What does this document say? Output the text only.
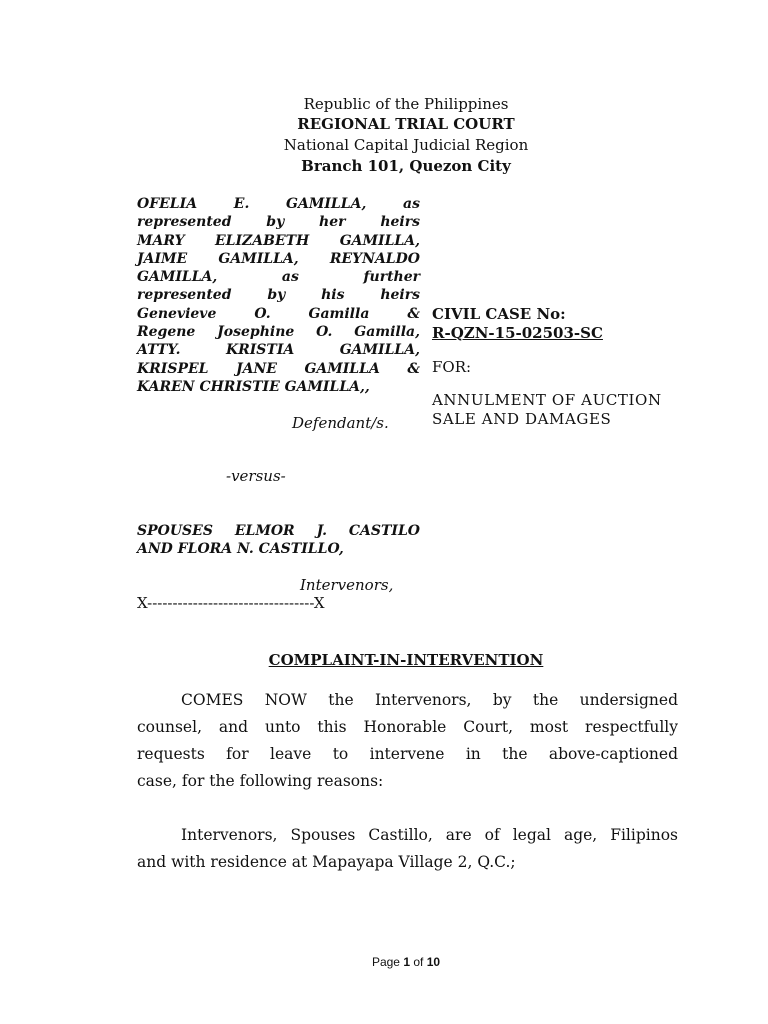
Republic of the Philippines
REGIONAL TRIAL COURT
National Capital Judicial Region
Branch 101, Quezon City
OFELIA E. GAMILLA, as
represented by her heirs
MARY ELIZABETH GAMILLA,
JAIME GAMILLA, REYNALDO
GAMILLA, as further
represented by his heirs
Genevieve O. Gamilla &
Regene Josephine O. Gamilla,
ATTY. KRISTIA GAMILLA,
KRISPEL JANE GAMILLA &
KAREN CHRISTIE GAMILLA,,
Defendant/s.
CIVIL CASE No:
R-QZN-15-02503-SC
FOR:
ANNULMENT OF AUCTION
SALE AND DAMAGES
-versus-
SPOUSES ELMOR J. CASTILO
AND FLORA N. CASTILLO,
Intervenors,
X---------------------------------X
COMPLAINT-IN-INTERVENTION
COMES NOW the Intervenors, by the undersigned
counsel, and unto this Honorable Court, most respectfully
requests for leave to intervene in the above-captioned
case, for the following reasons:
Intervenors, Spouses Castillo, are of legal age, Filipinos
and with residence at Mapayapa Village 2, Q.C.;
Page 1 of 10
